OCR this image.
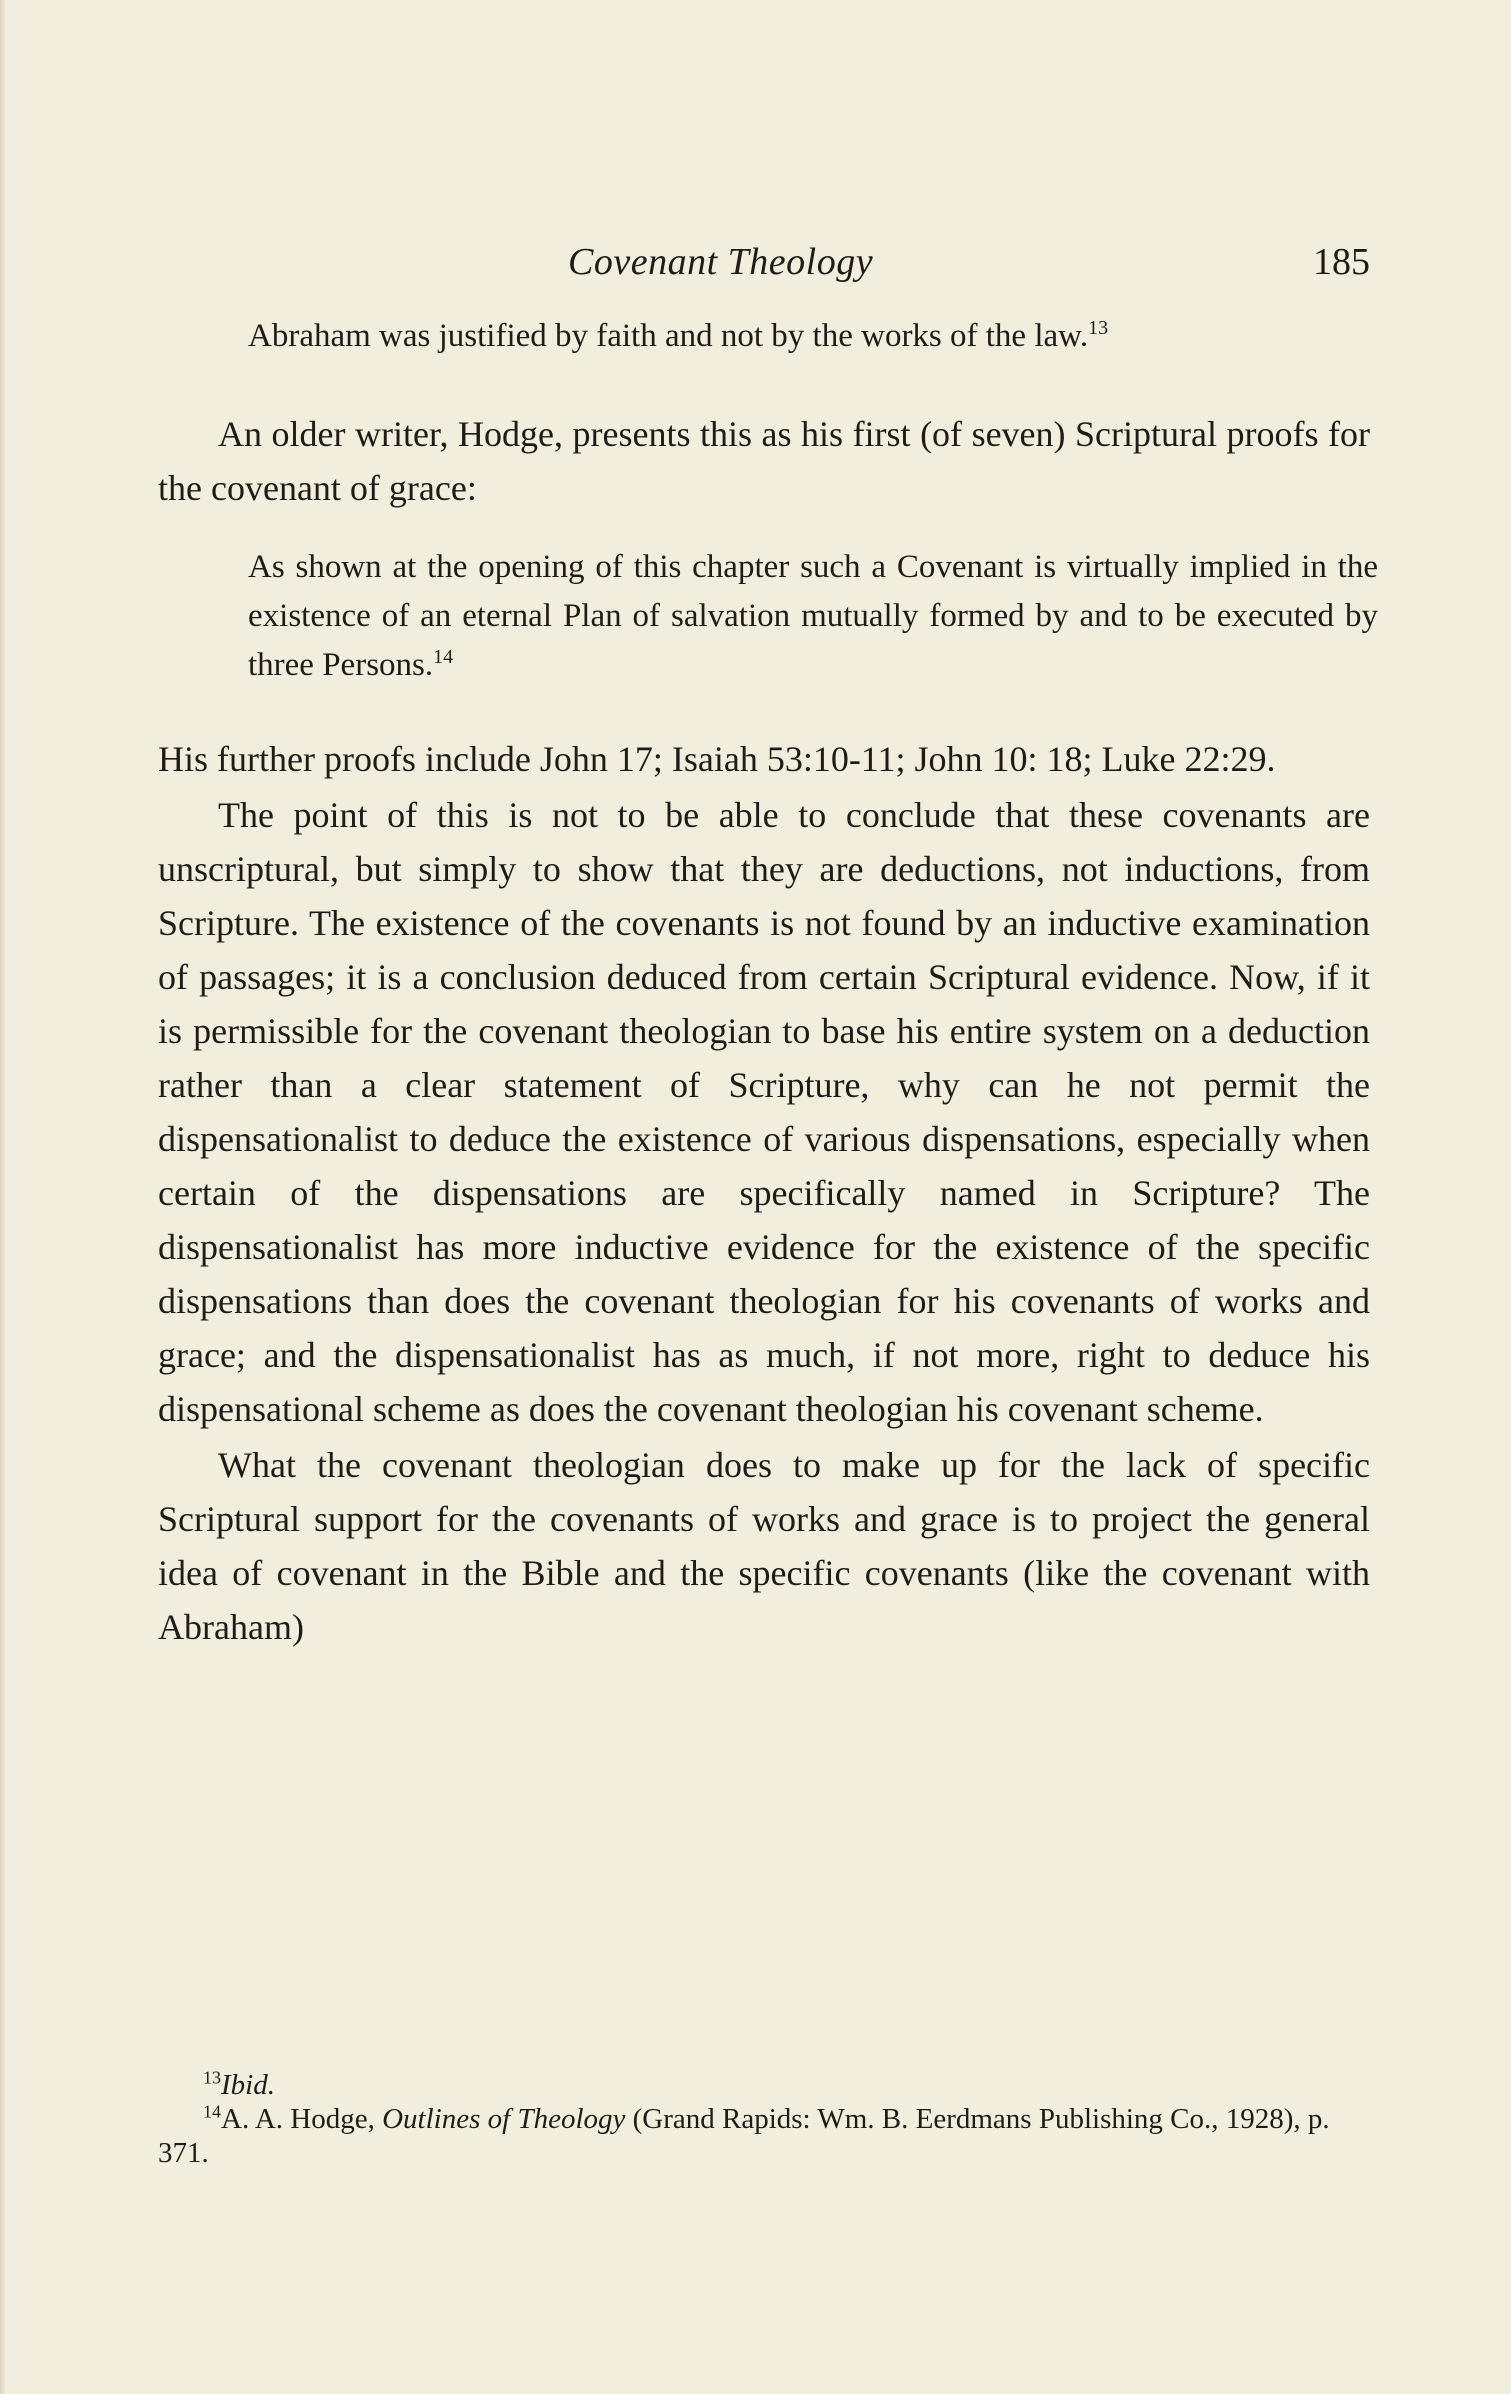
Covenant Theology	185

Abraham was justified by faith and not by the works of the law.$^{13}$

An older writer, Hodge, presents this as his first (of seven) Scriptural proofs for the covenant of grace:

As shown at the opening of this chapter such a Covenant is virtually implied in the existence of an eternal Plan of salvation mutually formed by and to be executed by three Persons.$^{14}$

His further proofs include John 17; Isaiah 53:10-11; John 10: 18; Luke 22:29.

The point of this is not to be able to conclude that these covenants are unscriptural, but simply to show that they are deductions, not inductions, from Scripture. The existence of the covenants is not found by an inductive examination of passages; it is a conclusion deduced from certain Scriptural evidence. Now, if it is permissible for the covenant theologian to base his entire system on a deduction rather than a clear statement of Scripture, why can he not permit the dispensationalist to deduce the existence of various dispensations, especially when certain of the dispensations are specifically named in Scripture? The dispensationalist has more inductive evidence for the existence of the specific dispensations than does the covenant theologian for his covenants of works and grace; and the dispensationalist has as much, if not more, right to deduce his dispensational scheme as does the covenant theologian his covenant scheme.

What the covenant theologian does to make up for the lack of specific Scriptural support for the covenants of works and grace is to project the general idea of covenant in the Bible and the specific covenants (like the covenant with Abraham)

$^{13}$Ibid.

$^{14}$A. A. Hodge, Outlines of Theology (Grand Rapids: Wm. B. Eerdmans Publishing Co., 1928), p. 371.
